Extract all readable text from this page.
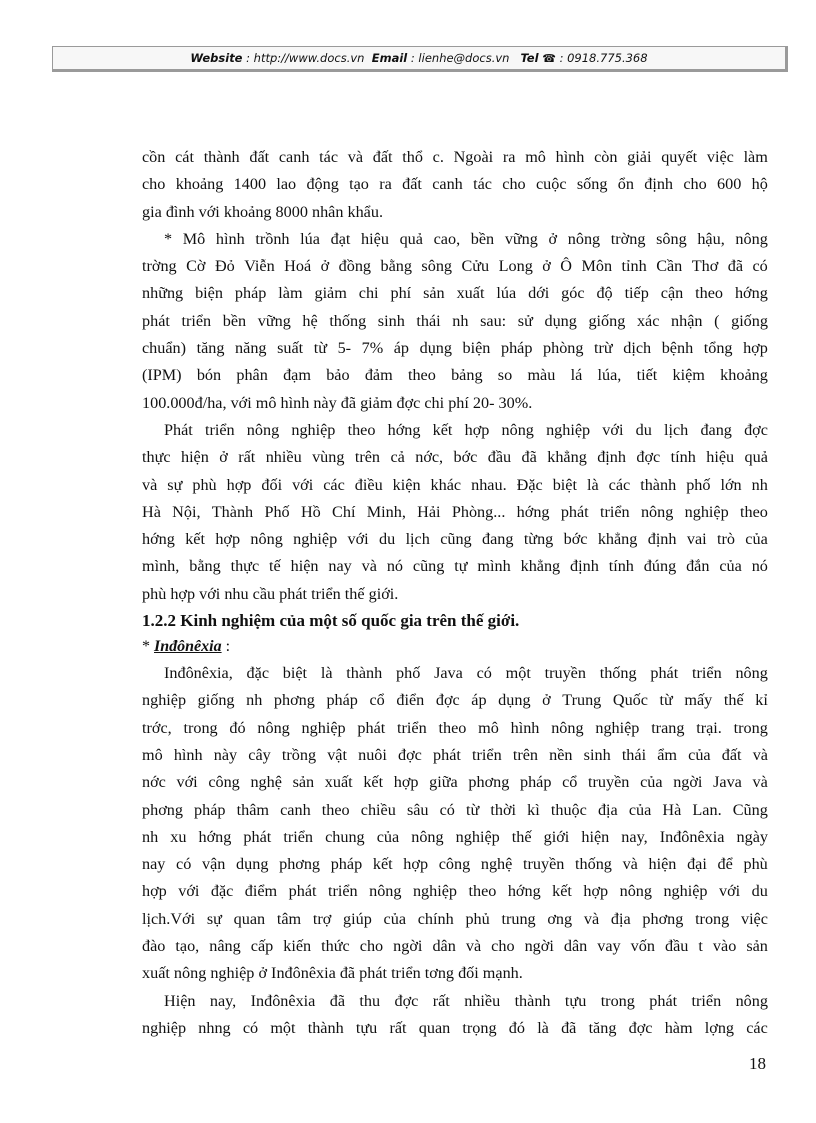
Website : http://www.docs.vn Email : lienhe@docs.vn Tel ☎ : 0918.775.368
cồn cát thành đất canh tác và đất thổ c. Ngoài ra mô hình còn giải quyết việc làm
cho khoảng 1400 lao động tạo ra đất canh tác cho cuộc sống ổn định cho 600 hộ
gia đình với khoảng 8000 nhân khẩu.
* Mô hình trồnh lúa đạt hiệu quả cao, bền vững ở nông trờng sông hậu, nông
trờng Cờ Đỏ Viễn Hoá ở đồng bằng sông Cửu Long ở Ô Môn tỉnh Cần Thơ đã có
những biện pháp làm giảm chi phí sản xuất lúa dới góc độ tiếp cận theo hớng
phát triển bền vững hệ thống sinh thái nh sau: sử dụng giống xác nhận ( giống
chuẩn) tăng năng suất từ 5- 7% áp dụng biện pháp phòng trừ dịch bệnh tổng hợp
(IPM) bón phân đạm bảo đảm theo bảng so màu lá lúa, tiết kiệm khoảng
100.000đ/ha, với mô hình này đã giảm đợc chi phí 20- 30%.
Phát triển nông nghiệp theo hớng kết hợp nông nghiệp với du lịch đang đợc
thực hiện ở rất nhiều vùng trên cả nớc, bớc đầu đã khẳng định đợc tính hiệu quả
và sự phù hợp đối với các điều kiện khác nhau. Đặc biệt là các thành phố lớn nh
Hà Nội, Thành Phố Hồ Chí Minh, Hải Phòng... hớng phát triển nông nghiệp theo
hớng kết hợp nông nghiệp với du lịch cũng đang từng bớc khẳng định vai trò của
mình, bằng thực tế hiện nay và nó cũng tự mình khẳng định tính đúng đắn của nó
phù hợp với nhu cầu phát triển thế giới.
1.2.2 Kinh nghiệm của một số quốc gia trên thế giới.
* Inđônêxia :
Inđônêxia, đặc biệt là thành phố Java có một truyền thống phát triển nông
nghiệp giống nh phơng pháp cổ điển đợc áp dụng ở Trung Quốc từ mấy thế kỉ
trớc, trong đó nông nghiệp phát triển theo mô hình nông nghiệp trang trại. trong
mô hình này cây trồng vật nuôi đợc phát triển trên nền sinh thái ẩm của đất và
nớc với công nghệ sản xuất kết hợp giữa phơng pháp cổ truyền của ngời Java và
phơng pháp thâm canh theo chiều sâu có từ thời kì thuộc địa của Hà Lan. Cũng
nh xu hớng phát triển chung của nông nghiệp thế giới hiện nay, Inđônêxia ngày
nay có vận dụng phơng pháp kết hợp công nghệ truyền thống và hiện đại để phù
hợp với đặc điểm phát triển nông nghiệp theo hớng kết hợp nông nghiệp với du
lịch.Với sự quan tâm trợ giúp của chính phủ trung ơng và địa phơng trong việc
đào tạo, nâng cấp kiến thức cho ngời dân và cho ngời dân vay vốn đầu t vào sản
xuất nông nghiệp ở Inđônêxia đã phát triển tơng đối mạnh.
Hiện nay, Inđônêxia đã thu đợc rất nhiều thành tựu trong phát triển nông
nghiệp nhng có một thành tựu rất quan trọng đó là đã tăng đợc hàm lợng các
18
